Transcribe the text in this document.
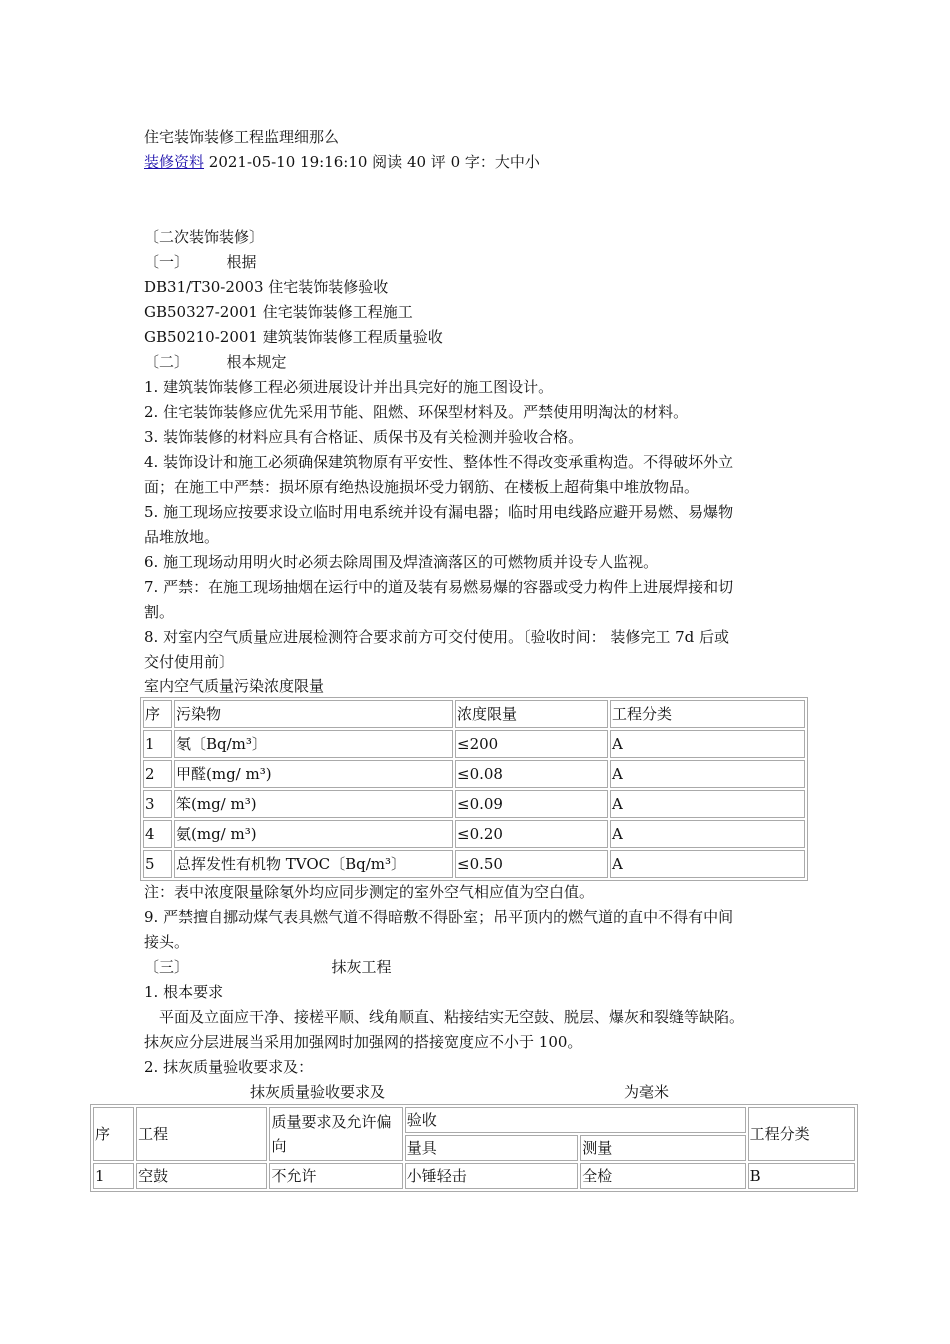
住宅装饰装修工程监理细那么
装修资料 2021-05-10 19:16:10 阅读 40 评 0 字：大中小
〔二次装饰装修〕
〔一〕　　　根据
DB31/T30-2003 住宅装饰装修验收
GB50327-2001 住宅装饰装修工程施工
GB50210-2001 建筑装饰装修工程质量验收
〔二〕　　　根本规定
1. 建筑装饰装修工程必须进展设计并出具完好的施工图设计。
2. 住宅装饰装修应优先采用节能、阻燃、环保型材料及。严禁使用明淘汰的材料。
3. 装饰装修的材料应具有合格证、质保书及有关检测并验收合格。
4. 装饰设计和施工必须确保建筑物原有平安性、整体性不得改变承重构造。不得破坏外立
面；在施工中严禁：损坏原有绝热设施损坏受力钢筋、在楼板上超荷集中堆放物品。
5. 施工现场应按要求设立临时用电系统并设有漏电器；临时用电线路应避开易燃、易爆物
品堆放地。
6. 施工现场动用明火时必须去除周围及焊渣滴落区的可燃物质并设专人监视。
7. 严禁：在施工现场抽烟在运行中的道及装有易燃易爆的容器或受力构件上进展焊接和切
割。
8. 对室内空气质量应进展检测符合要求前方可交付使用。〔验收时间： 装修完工 7d 后或
交付使用前〕
室内空气质量污染浓度限量
序	污染物	浓度限量	工程分类
1	氡〔Bq/m³〕	≤200	A
2	甲醛(mg/ m³)	≤0.08	A
3	笨(mg/ m³)	≤0.09	A
4	氨(mg/ m³)	≤0.20	A
5	总挥发性有机物 TVOC〔Bq/m³〕	≤0.50	A
注：表中浓度限量除氡外均应同步测定的室外空气相应值为空白值。
9. 严禁擅自挪动煤气表具燃气道不得暗敷不得卧室；吊平顶内的燃气道的直中不得有中间
接头。
〔三〕　　　　　　　　　　抹灰工程
1. 根本要求
　平面及立面应干净、接槎平顺、线角顺直、粘接结实无空鼓、脱层、爆灰和裂缝等缺陷。
抹灰应分层进展当采用加强网时加强网的搭接宽度应不小于 100。
2. 抹灰质量验收要求及：
抹灰质量验收要求及	为毫米
序	工程	质量要求及允许偏向	验收		工程分类
			量具	测量	
1	空鼓	不允许	小锤轻击	全检	B
